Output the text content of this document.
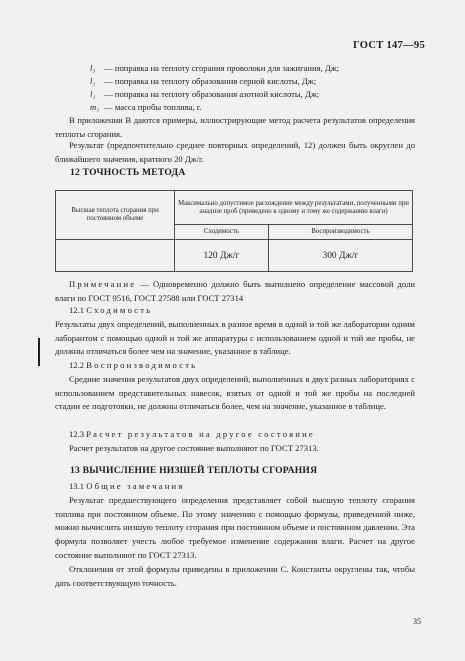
ГОСТ 147—95
l₃ — поправка на теплоту сгорания проволоки для зажигания, Дж;
l₁ — поправка на теплоту образования серной кислоты, Дж;
l₁ — поправка на теплоту образования азотной кислоты, Дж;
m₁ — масса пробы топлива, г.
В приложении В даются примеры, иллюстрирующие метод расчета результатов определения теплоты сгорания.
Результат (предпочтительно среднее повторных определений, 12) должен быть округлен до ближайшего значения, кратного 20 Дж/г.
12 ТОЧНОСТЬ МЕТОДА
Высшая теплота сгорания при постоянном объеме	Максимально допустимое расхождение между результатами, полученными при анализе проб (приведено к одному и тому же содержанию влаги)	
	Сходимость	Воспроизводимость
	120 Дж/г	300 Дж/г
Примечание — Одновременно должно быть выполнено определение массовой доли влаги по ГОСТ 9516, ГОСТ 27588 или ГОСТ 27314
12.1 Сходимость
Результаты двух определений, выполненных в разное время в одной и той же лаборатории одним лаборантом с помощью одной и той же аппаратуры с использованием одной и той же пробы, не должны отличаться более чем на значение, указанное в таблице.
12.2 Воспроизводимость
Средние значения результатов двух определений, выполненных в двух разных лабораториях с использованием представительных навесок, взятых от одной и той же пробы на последней стадии ее подготовки, не должны отличаться более, чем на значение, указанное в таблице.
12.3 Расчет результатов на другое состояние
Расчет результатов на другое состояние выполняют по ГОСТ 27313.
13 ВЫЧИСЛЕНИЕ НИЗШЕЙ ТЕПЛОТЫ СГОРАНИЯ
13.1 Общие замечания
Результат предшествующего определения представляет собой высшую теплоту сгорания топлива при постоянном объеме. По этому значению с помощью формулы, приведенной ниже, можно вычислить низшую теплоту сгорания при постоянном объеме и постоянном давлении. Эта формула позволяет учесть любое требуемое изменение содержания влаги. Расчет на другое состояние выполняют по ГОСТ 27313.
Отклонения от этой формулы приведены в приложении С. Константы округлены так, чтобы дать соответствующую точность.
35
